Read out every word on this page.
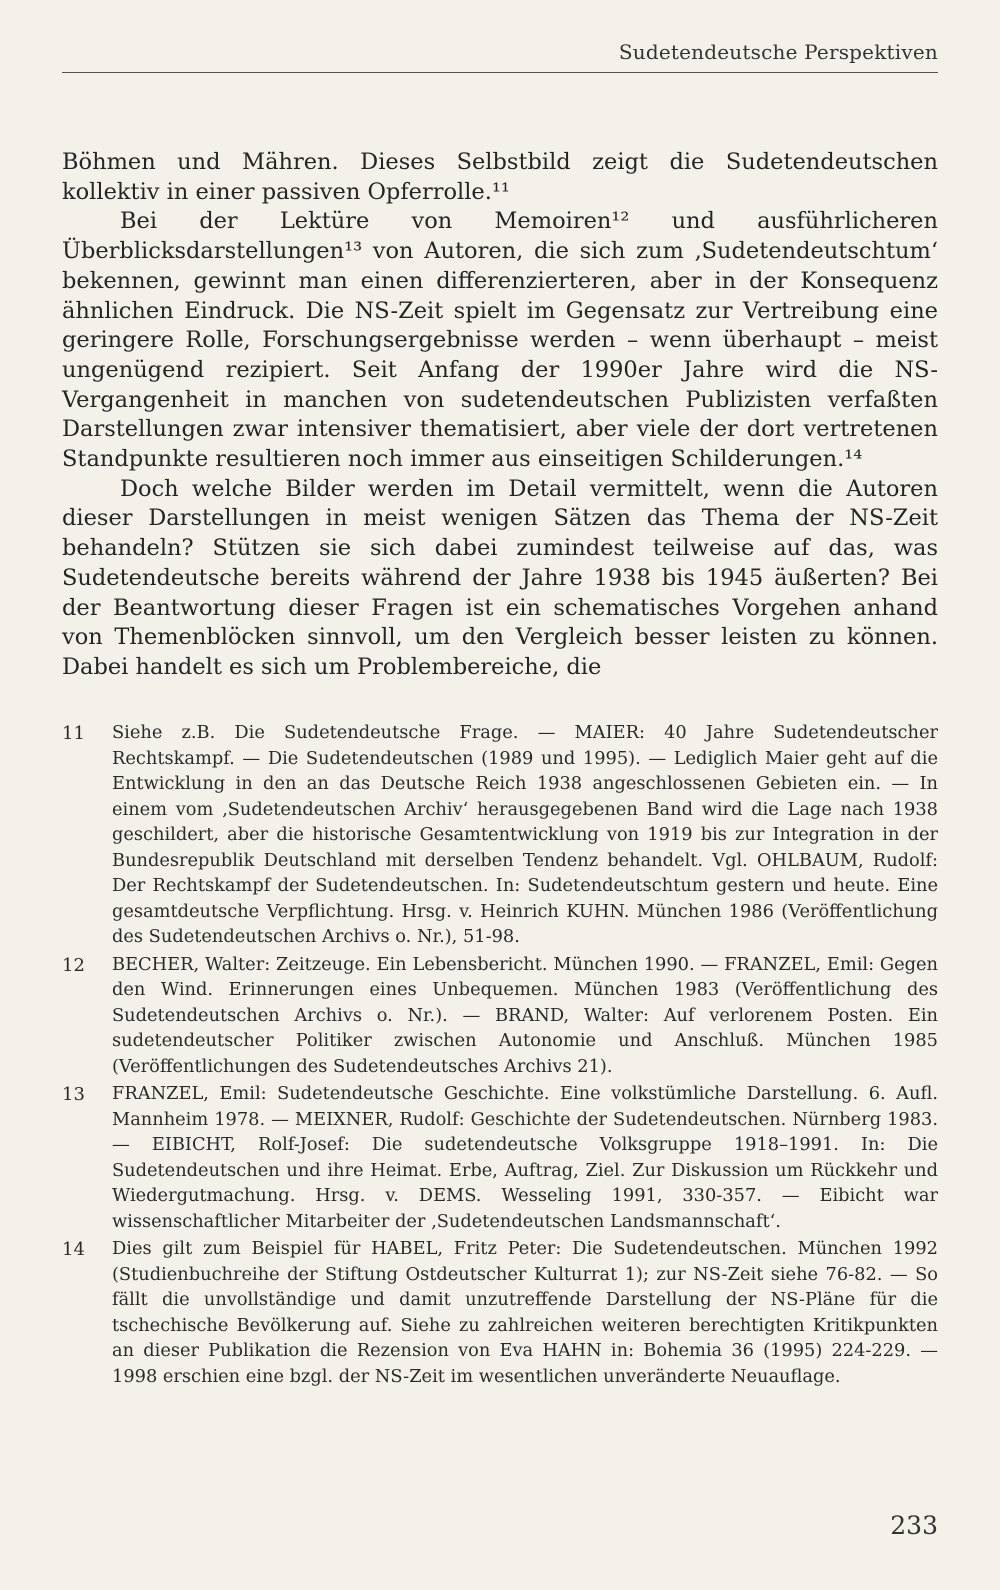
Sudetendeutsche Perspektiven

Böhmen und Mähren. Dieses Selbstbild zeigt die Sudetendeutschen kollektiv in einer passiven Opferrolle.¹¹

Bei der Lektüre von Memoiren¹² und ausführlicheren Überblicksdarstellungen¹³ von Autoren, die sich zum ‚Sudetendeutschtum‘ bekennen, gewinnt man einen differenzierteren, aber in der Konsequenz ähnlichen Eindruck. Die NS-Zeit spielt im Gegensatz zur Vertreibung eine geringere Rolle, Forschungsergebnisse werden – wenn überhaupt – meist ungenügend rezipiert. Seit Anfang der 1990er Jahre wird die NS-Vergangenheit in manchen von sudetendeutschen Publizisten verfaßten Darstellungen zwar intensiver thematisiert, aber viele der dort vertretenen Standpunkte resultieren noch immer aus einseitigen Schilderungen.¹⁴

Doch welche Bilder werden im Detail vermittelt, wenn die Autoren dieser Darstellungen in meist wenigen Sätzen das Thema der NS-Zeit behandeln? Stützen sie sich dabei zumindest teilweise auf das, was Sudetendeutsche bereits während der Jahre 1938 bis 1945 äußerten? Bei der Beantwortung dieser Fragen ist ein schematisches Vorgehen anhand von Themenblöcken sinnvoll, um den Vergleich besser leisten zu können. Dabei handelt es sich um Problembereiche, die

11	Siehe z.B. Die Sudetendeutsche Frage. — MAIER: 40 Jahre Sudetendeutscher Rechtskampf. — Die Sudetendeutschen (1989 und 1995). — Lediglich Maier geht auf die Entwicklung in den an das Deutsche Reich 1938 angeschlossenen Gebieten ein. — In einem vom ‚Sudetendeutschen Archiv‘ herausgegebenen Band wird die Lage nach 1938 geschildert, aber die historische Gesamtentwicklung von 1919 bis zur Integration in der Bundesrepublik Deutschland mit derselben Tendenz behandelt. Vgl. OHLBAUM, Rudolf: Der Rechtskampf der Sudetendeutschen. In: Sudetendeutschtum gestern und heute. Eine gesamtdeutsche Verpflichtung. Hrsg. v. Heinrich KUHN. München 1986 (Veröffentlichung des Sudetendeutschen Archivs o. Nr.), 51-98.
12	BECHER, Walter: Zeitzeuge. Ein Lebensbericht. München 1990. — FRANZEL, Emil: Gegen den Wind. Erinnerungen eines Unbequemen. München 1983 (Veröffentlichung des Sudetendeutschen Archivs o. Nr.). — BRAND, Walter: Auf verlorenem Posten. Ein sudetendeutscher Politiker zwischen Autonomie und Anschluß. München 1985 (Veröffentlichungen des Sudetendeutsches Archivs 21).
13	FRANZEL, Emil: Sudetendeutsche Geschichte. Eine volkstümliche Darstellung. 6. Aufl. Mannheim 1978. — MEIXNER, Rudolf: Geschichte der Sudetendeutschen. Nürnberg 1983. — EIBICHT, Rolf-Josef: Die sudetendeutsche Volksgruppe 1918–1991. In: Die Sudetendeutschen und ihre Heimat. Erbe, Auftrag, Ziel. Zur Diskussion um Rückkehr und Wiedergutmachung. Hrsg. v. DEMS. Wesseling 1991, 330-357. — Eibicht war wissenschaftlicher Mitarbeiter der ‚Sudetendeutschen Landsmannschaft‘.
14	Dies gilt zum Beispiel für HABEL, Fritz Peter: Die Sudetendeutschen. München 1992 (Studienbuchreihe der Stiftung Ostdeutscher Kulturrat 1); zur NS-Zeit siehe 76-82. — So fällt die unvollständige und damit unzutreffende Darstellung der NS-Pläne für die tschechische Bevölkerung auf. Siehe zu zahlreichen weiteren berechtigten Kritikpunkten an dieser Publikation die Rezension von Eva HAHN in: Bohemia 36 (1995) 224-229. — 1998 erschien eine bzgl. der NS-Zeit im wesentlichen unveränderte Neuauflage.
233
